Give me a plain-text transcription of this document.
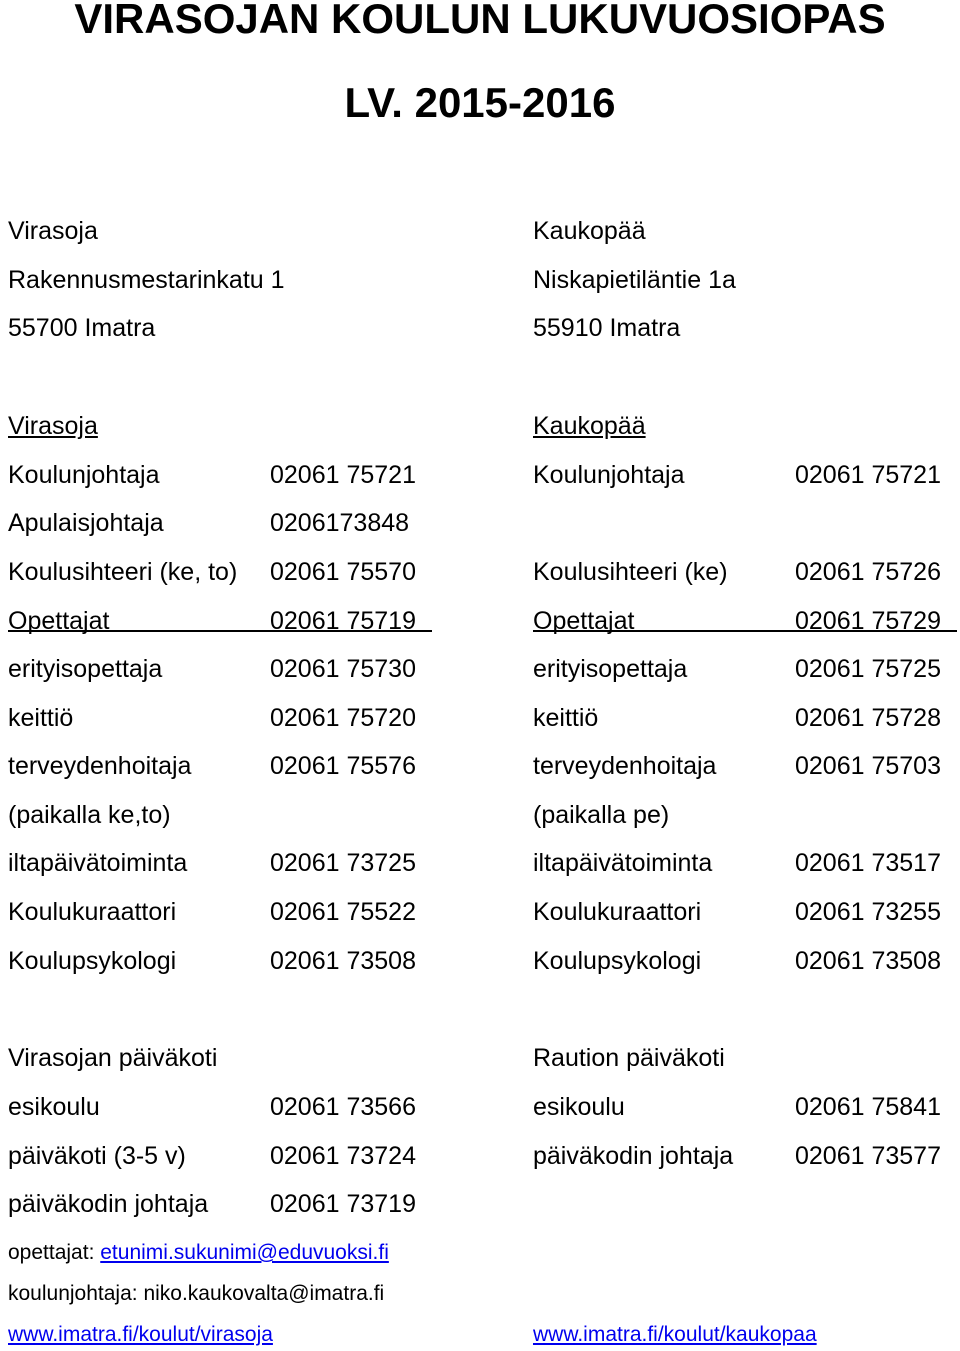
VIRASOJAN KOULUN LUKUVUOSIOPAS
LV. 2015-2016
Virasoja
Rakennusmestarinkatu 1
55700 Imatra
Kaukopää
Niskapietiläntie 1a
55910 Imatra
Virasoja	Kaukopää
Koulunjohtaja	02061 75721
Apulaisjohtaja	0206173848
Koulusihteeri (ke, to) 02061 75570
Opettajat	02061 75719
erityisopettaja	02061 75730
keittiö	02061 75720
terveydenhoitaja	02061 75576
(paikalla ke,to)
iltapäivätoiminta	02061 73725
Koulukuraattori	02061 75522
Koulupsykologi	02061 73508
Koulunjohtaja	02061 75721
Koulusihteeri (ke)	02061 75726
Opettajat	02061 75729
erityisopettaja	02061 75725
keittiö	02061 75728
terveydenhoitaja	02061 75703
(paikalla pe)
iltapäivätoiminta	02061 73517
Koulukuraattori	02061 73255
Koulupsykologi	02061 73508
Virasojan päiväkoti
esikoulu	02061 73566
päiväkoti (3-5 v)	02061 73724
päiväkodin johtaja 02061 73719
Raution päiväkoti
esikoulu	02061 75841
päiväkodin johtaja 02061 73577
opettajat: etunimi.sukunimi@eduvuoksi.fi
koulunjohtaja: niko.kaukovalta@imatra.fi
www.imatra.fi/koulut/virasoja	www.imatra.fi/koulut/kaukopaa
